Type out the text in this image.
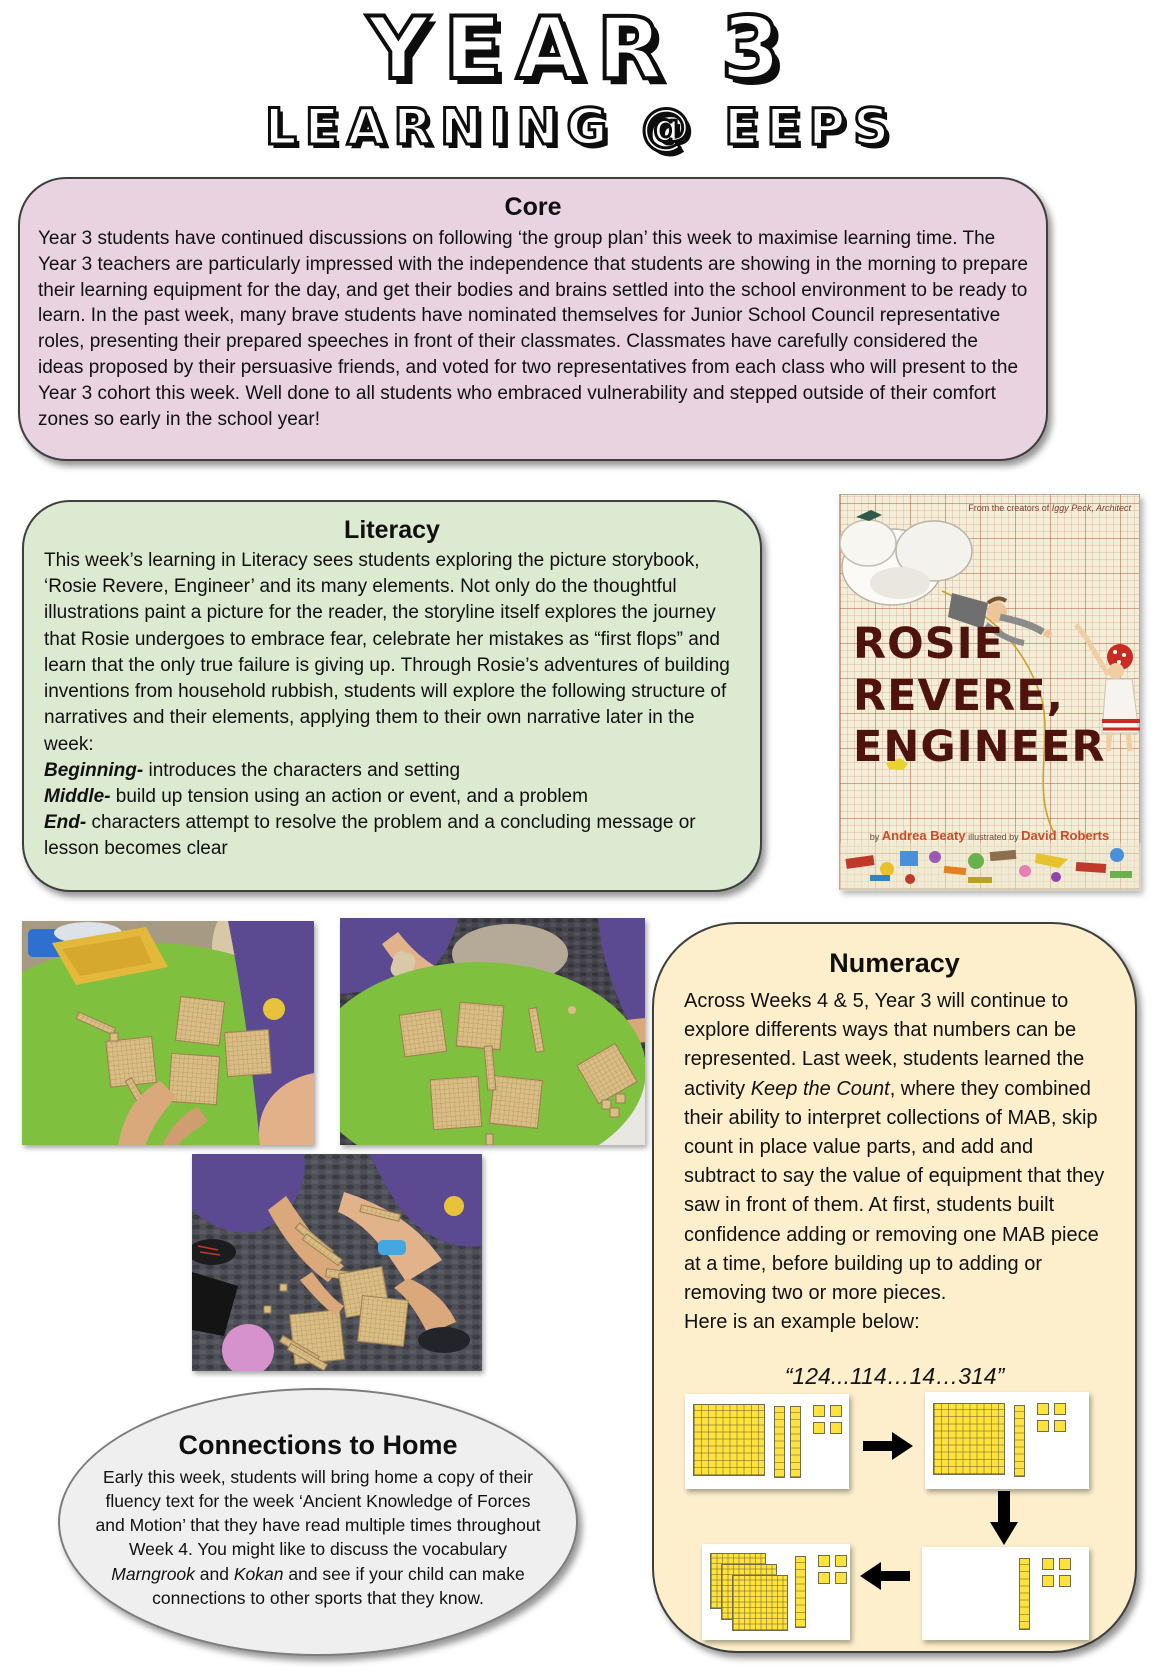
YEAR 3
LEARNING @ EEPS
Core

Year 3 students have continued discussions on following ‘the group plan’ this week to maximise learning time. The Year 3 teachers are particularly impressed with the independence that students are showing in the morning to prepare their learning equipment for the day, and get their bodies and brains settled into the school environment to be ready to learn. In the past week, many brave students have nominated themselves for Junior School Council representative roles, presenting their prepared speeches in front of their classmates. Classmates have carefully considered the ideas proposed by their persuasive friends, and voted for two representatives from each class who will present to the Year 3 cohort this week. Well done to all students who embraced vulnerability and stepped outside of their comfort zones so early in the school year!

Literacy

This week’s learning in Literacy sees students exploring the picture storybook, ‘Rosie Revere, Engineer’ and its many elements. Not only do the thoughtful illustrations paint a picture for the reader, the storyline itself explores the journey that Rosie undergoes to embrace fear, celebrate her mistakes as “first flops” and learn that the only true failure is giving up. Through Rosie’s adventures of building inventions from household rubbish, students will explore the following structure of narratives and their elements, applying them to their own narrative later in the week:

Beginning- introduces the characters and setting

Middle- build up tension using an action or event, and a problem

End- characters attempt to resolve the problem and a concluding message or lesson becomes clear

From the creators of Iggy Peck, Architect
ROSIE
REVERE,
ENGINEER
by Andrea Beaty illustrated by David Roberts
Numeracy

Across Weeks 4 & 5, Year 3 will continue to explore differents ways that numbers can be represented. Last week, students learned the activity Keep the Count, where they combined their ability to interpret collections of MAB, skip count in place value parts, and add and subtract to say the value of equipment that they saw in front of them. At first, students built confidence adding or removing one MAB piece at a time, before building up to adding or removing two or more pieces.

Here is an example below:

“124...114…14…314”

Connections to Home

Early this week, students will bring home a copy of their fluency text for the week ‘Ancient Knowledge of Forces and Motion’ that they have read multiple times throughout Week 4. You might like to discuss the vocabulary Marngrook and Kokan and see if your child can make connections to other sports that they know.
